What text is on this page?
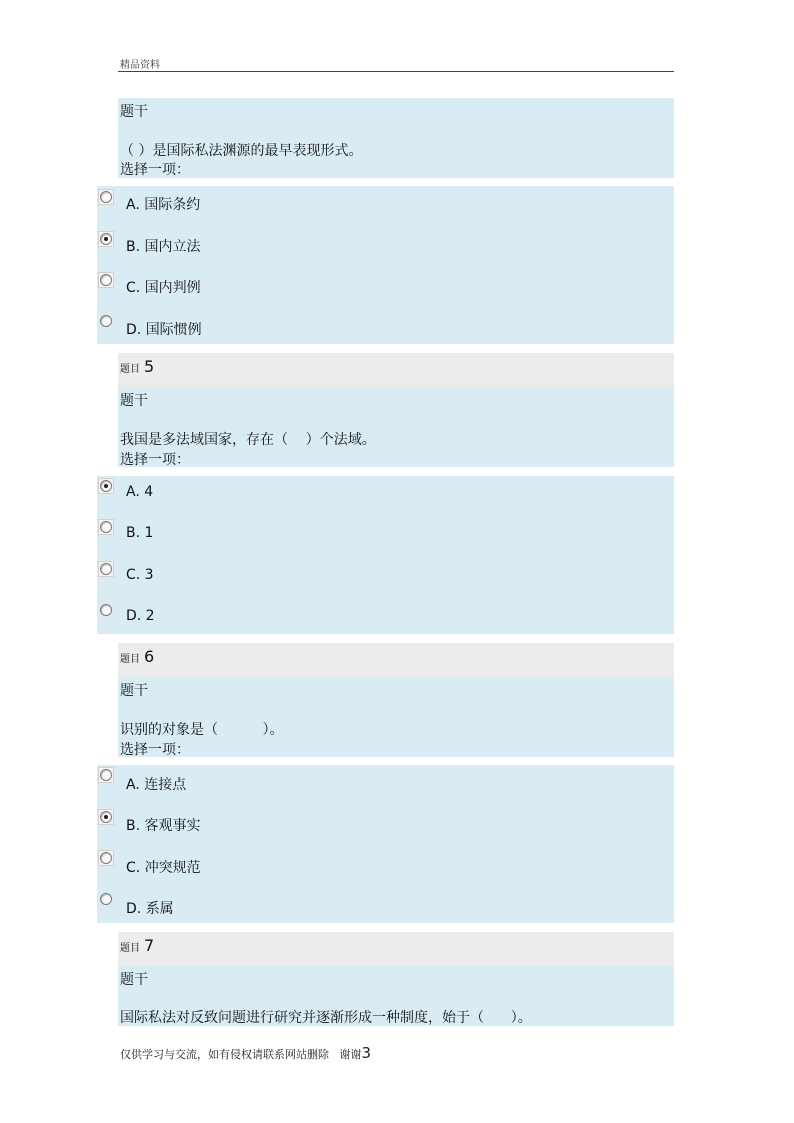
精品资料
题干
（ ）是国际私法渊源的最早表现形式。
选择一项：
A. 国际条约
B. 国内立法
C. 国内判例
D. 国际惯例
题目 5
题干
我国是多法域国家，存在（    ）个法域。
选择一项：
A. 4
B. 1
C. 3
D. 2
题目 6
题干
识别的对象是（          ）。
选择一项：
A. 连接点
B. 客观事实
C. 冲突规范
D. 系属
题目 7
题干
国际私法对反致问题进行研究并逐渐形成一种制度，始于（      ）。
仅供学习与交流，如有侵权请联系网站删除   谢谢3
